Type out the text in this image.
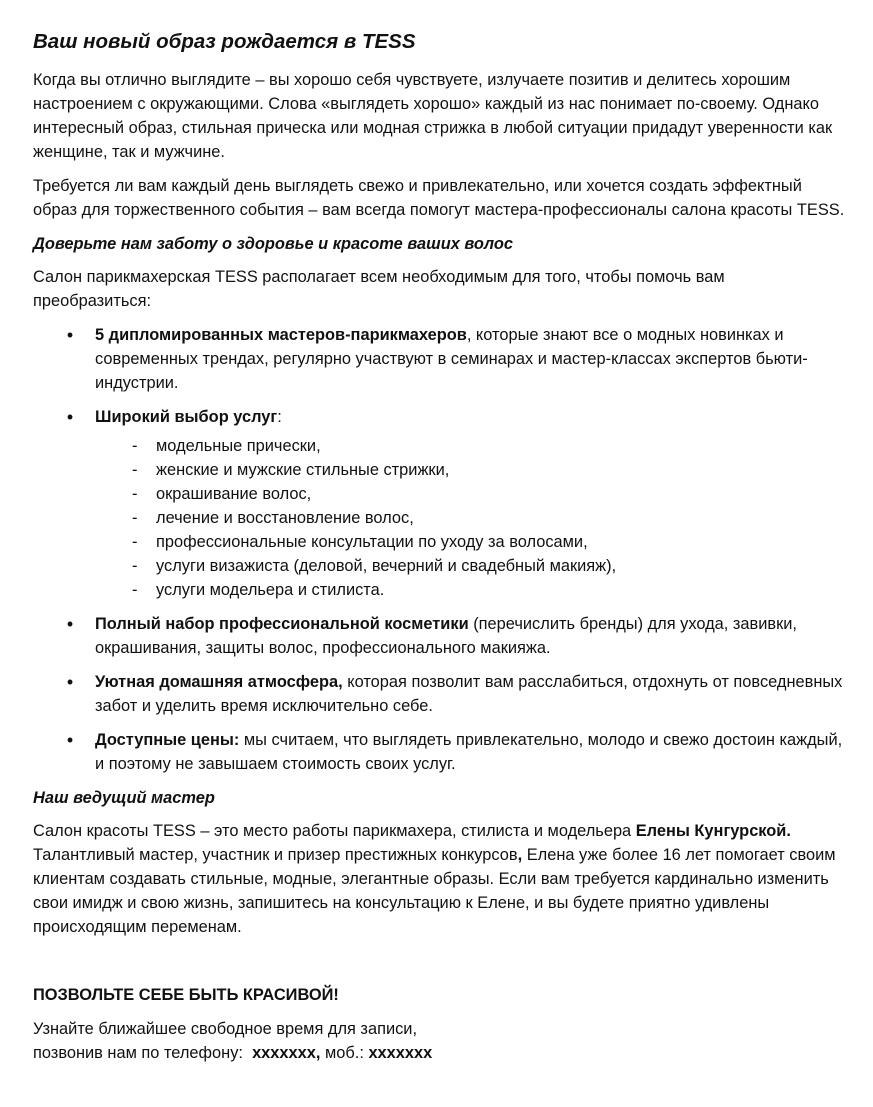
Ваш новый образ рождается в TESS

Когда вы отлично выглядите – вы хорошо себя чувствуете, излучаете позитив и делитесь хорошим настроением с окружающими. Слова «выглядеть хорошо» каждый из нас понимает по-своему. Однако интересный образ, стильная прическа или модная стрижка в любой ситуации придадут уверенности как женщине, так и мужчине.

Требуется ли вам каждый день выглядеть свежо и привлекательно, или хочется создать эффектный образ для торжественного события – вам всегда помогут мастера-профессионалы салона красоты TESS.

Доверьте нам заботу о здоровье и красоте ваших волос

Салон парикмахерская TESS располагает всем необходимым для того, чтобы помочь вам преобразиться:

• 5 дипломированных мастеров-парикмахеров, которые знают все о модных новинках и современных трендах, регулярно участвуют в семинарах и мастер-классах экспертов бьюти-индустрии.
• Широкий выбор услуг:
- модельные прически,
- женские и мужские стильные стрижки,
- окрашивание волос,
- лечение и восстановление волос,
- профессиональные консультации по уходу за волосами,
- услуги визажиста (деловой, вечерний и свадебный макияж),
- услуги модельера и стилиста.
• Полный набор профессиональной косметики (перечислить бренды) для ухода, завивки, окрашивания, защиты волос, профессионального макияжа.
• Уютная домашняя атмосфера, которая позволит вам расслабиться, отдохнуть от повседневных забот и уделить время исключительно себе.
• Доступные цены: мы считаем, что выглядеть привлекательно, молодо и свежо достоин каждый, и поэтому не завышаем стоимость своих услуг.
Наш ведущий мастер

Салон красоты TESS – это место работы парикмахера, стилиста и модельера Елены Кунгурской. Талантливый мастер, участник и призер престижных конкурсов, Елена уже более 16 лет помогает своим клиентам создавать стильные, модные, элегантные образы. Если вам требуется кардинально изменить свои имидж и свою жизнь, запишитесь на консультацию к Елене, и вы будете приятно удивлены происходящим переменам.

ПОЗВОЛЬТЕ СЕБЕ БЫТЬ КРАСИВОЙ!

Узнайте ближайшее свободное время для записи,
позвонив нам по телефону:  ххххххх, моб.: ххххххх
